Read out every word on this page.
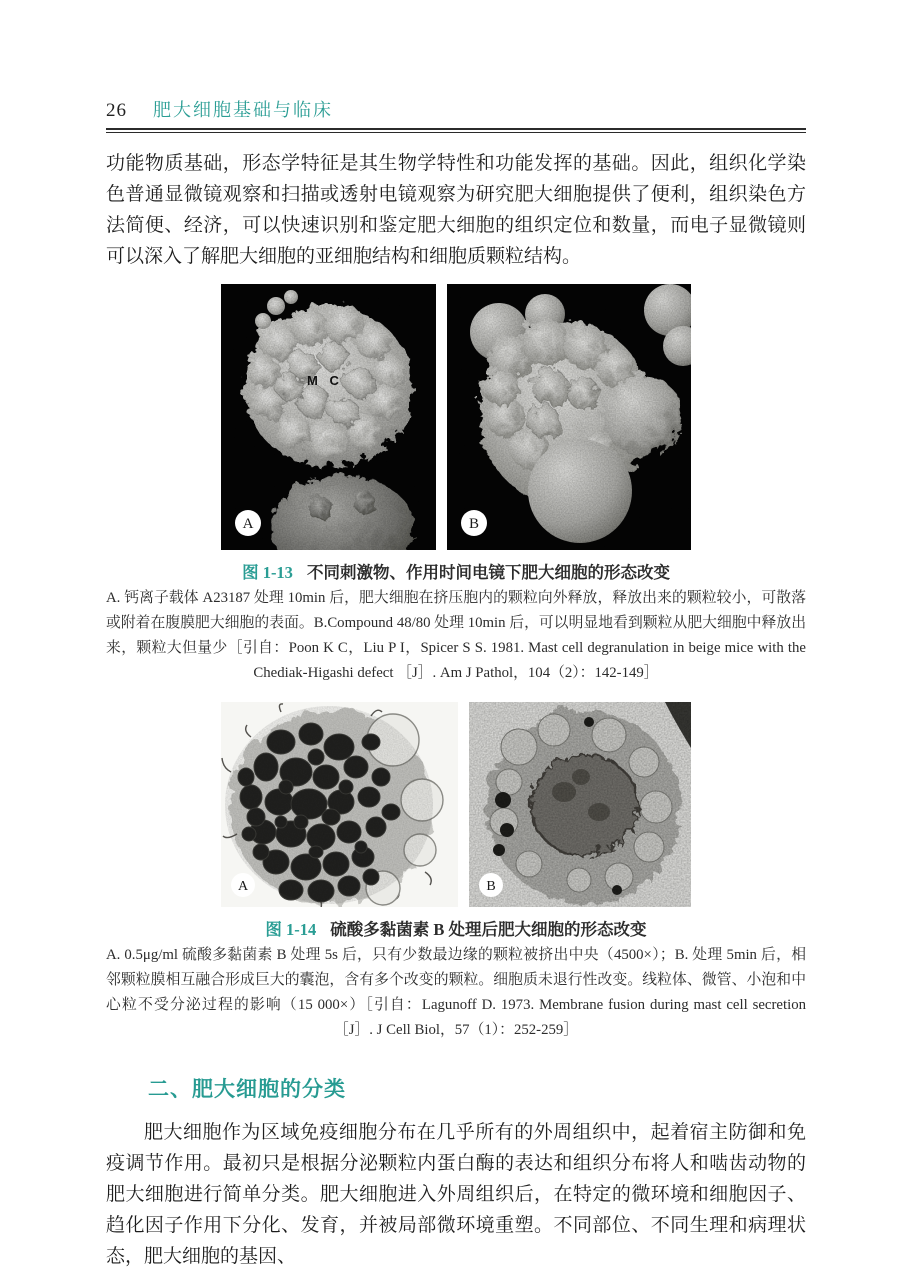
26 肥大细胞基础与临床

功能物质基础，形态学特征是其生物学特性和功能发挥的基础。因此，组织化学染色普通显微镜观察和扫描或透射电镜观察为研究肥大细胞提供了便利，组织染色方法简便、经济，可以快速识别和鉴定肥大细胞的组织定位和数量，而电子显微镜则可以深入了解肥大细胞的亚细胞结构和细胞质颗粒结构。

M C
A	B
图 1-13 不同刺激物、作用时间电镜下肥大细胞的形态改变
A. 钙离子载体 A23187 处理 10min 后，肥大细胞在挤压胞内的颗粒向外释放，释放出来的颗粒较小，可散落或附着在腹膜肥大细胞的表面。B.Compound 48/80 处理 10min 后，可以明显地看到颗粒从肥大细胞中释放出来，颗粒大但量少［引自：Poon K C，Liu P I，Spicer S S. 1981. Mast cell degranulation in beige mice with the Chediak-Higashi defect ［J］. Am J Pathol，104（2）：142-149］
A	B
图 1-14 硫酸多黏菌素 B 处理后肥大细胞的形态改变
A. 0.5μg/ml 硫酸多黏菌素 B 处理 5s 后，只有少数最边缘的颗粒被挤出中央（4500×）；B. 处理 5min 后，相邻颗粒膜相互融合形成巨大的囊泡，含有多个改变的颗粒。细胞质未退行性改变。线粒体、微管、小泡和中心粒不受分泌过程的影响（15 000×）［引自：Lagunoff D. 1973. Membrane fusion during mast cell secretion ［J］. J Cell Biol，57（1）：252-259］
二、肥大细胞的分类

肥大细胞作为区域免疫细胞分布在几乎所有的外周组织中，起着宿主防御和免疫调节作用。最初只是根据分泌颗粒内蛋白酶的表达和组织分布将人和啮齿动物的肥大细胞进行简单分类。肥大细胞进入外周组织后，在特定的微环境和细胞因子、趋化因子作用下分化、发育，并被局部微环境重塑。不同部位、不同生理和病理状态，肥大细胞的基因、
